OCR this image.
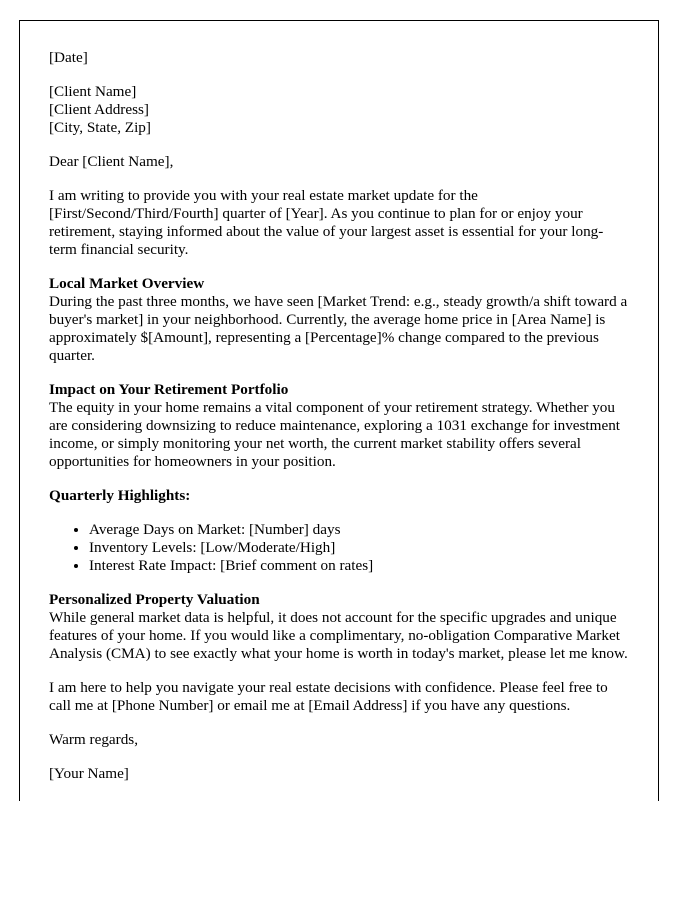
[Date]

[Client Name]

[Client Address]

[City, State, Zip]

Dear [Client Name],

I am writing to provide you with your real estate market update for the [First/Second/Third/Fourth] quarter of [Year]. As you continue to plan for or enjoy your retirement, staying informed about the value of your largest asset is essential for your long-term financial security.

Local Market Overview
During the past three months, we have seen [Market Trend: e.g., steady growth/a shift toward a buyer's market] in your neighborhood. Currently, the average home price in [Area Name] is approximately $[Amount], representing a [Percentage]% change compared to the previous quarter.
Impact on Your Retirement Portfolio
The equity in your home remains a vital component of your retirement strategy. Whether you are considering downsizing to reduce maintenance, exploring a 1031 exchange for investment income, or simply monitoring your net worth, the current market stability offers several opportunities for homeowners in your position.
Quarterly Highlights:
• Average Days on Market: [Number] days
• Inventory Levels: [Low/Moderate/High]
• Interest Rate Impact: [Brief comment on rates]
Personalized Property Valuation
While general market data is helpful, it does not account for the specific upgrades and unique features of your home. If you would like a complimentary, no-obligation Comparative Market Analysis (CMA) to see exactly what your home is worth in today's market, please let me know.

I am here to help you navigate your real estate decisions with confidence. Please feel free to call me at [Phone Number] or email me at [Email Address] if you have any questions.

Warm regards,

[Your Name]
